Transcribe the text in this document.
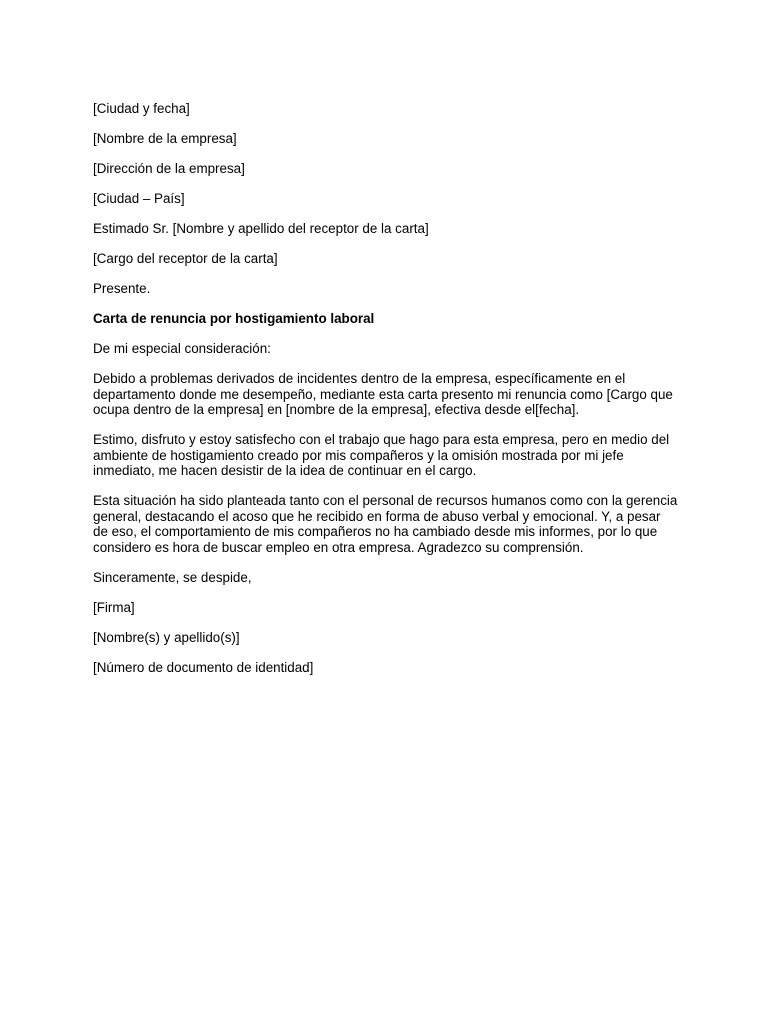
[Ciudad y fecha]

[Nombre de la empresa]

[Dirección de la empresa]

[Ciudad – País]

Estimado Sr. [Nombre y apellido del receptor de la carta]

[Cargo del receptor de la carta]

Presente.

Carta de renuncia por hostigamiento laboral

De mi especial consideración:

Debido a problemas derivados de incidentes dentro de la empresa, específicamente en el departamento donde me desempeño, mediante esta carta presento mi renuncia como [Cargo que ocupa dentro de la empresa] en [nombre de la empresa], efectiva desde el[fecha].

Estimo, disfruto y estoy satisfecho con el trabajo que hago para esta empresa, pero en medio del ambiente de hostigamiento creado por mis compañeros y la omisión mostrada por mi jefe inmediato, me hacen desistir de la idea de continuar en el cargo.

Esta situación ha sido planteada tanto con el personal de recursos humanos como con la gerencia general, destacando el acoso que he recibido en forma de abuso verbal y emocional. Y, a pesar de eso, el comportamiento de mis compañeros no ha cambiado desde mis informes, por lo que considero es hora de buscar empleo en otra empresa. Agradezco su comprensión.

Sinceramente, se despide,

[Firma]

[Nombre(s) y apellido(s)]

[Número de documento de identidad]
